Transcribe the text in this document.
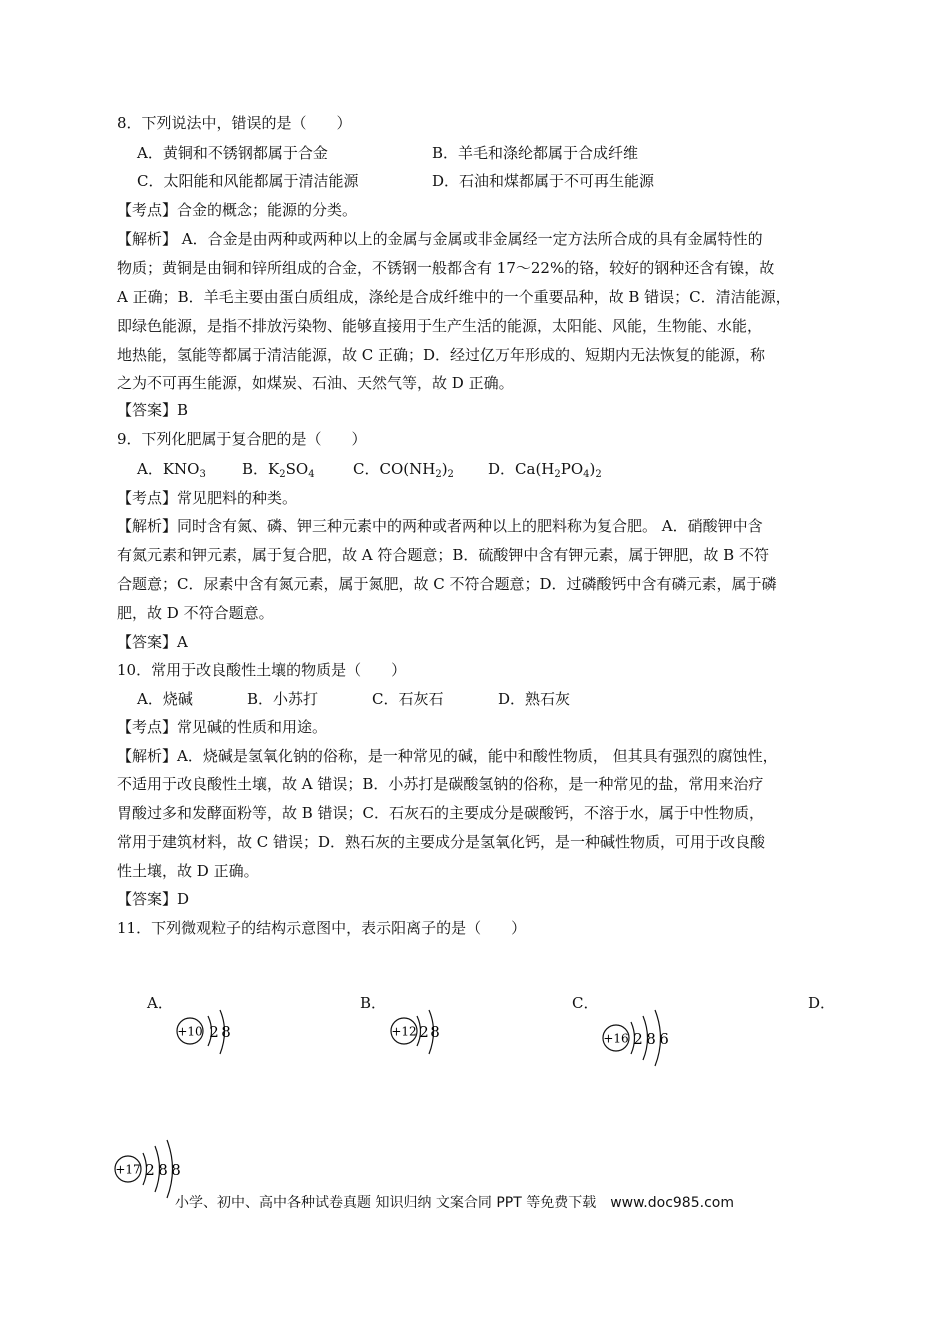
8．下列说法中，错误的是（　　）
A．黄铜和不锈钢都属于合金	B．羊毛和涤纶都属于合成纤维
C．太阳能和风能都属于清洁能源	D．石油和煤都属于不可再生能源
【考点】合金的概念；能源的分类。
【解析】 A．合金是由两种或两种以上的金属与金属或非金属经一定方法所合成的具有金属特性的
物质；黄铜是由铜和锌所组成的合金，不锈钢一般都含有 17～22%的铬，较好的钢种还含有镍，故
A 正确；B．羊毛主要由蛋白质组成，涤纶是合成纤维中的一个重要品种，故 B 错误；C．清洁能源，
即绿色能源，是指不排放污染物、能够直接用于生产生活的能源，太阳能、风能，生物能、水能，
地热能，氢能等都属于清洁能源，故 C 正确；D．经过亿万年形成的、短期内无法恢复的能源，称
之为不可再生能源，如煤炭、石油、天然气等，故 D 正确。
【答案】B
9．下列化肥属于复合肥的是（　　）
A．$KNO_3$ B．$K_2SO_4$	C．$CO(NH_2)_2$ D．$Ca(H_2PO_4)_2$
【考点】常见肥料的种类。
【解析】同时含有氮、磷、钾三种元素中的两种或者两种以上的肥料称为复合肥。 A．硝酸钾中含
有氮元素和钾元素，属于复合肥，故 A 符合题意；B．硫酸钾中含有钾元素，属于钾肥，故 B 不符
合题意；C．尿素中含有氮元素，属于氮肥，故 C 不符合题意；D．过磷酸钙中含有磷元素，属于磷
肥，故 D 不符合题意。
【答案】A
10．常用于改良酸性土壤的物质是（　　）
A．烧碱	B．小苏打	C．石灰石	D．熟石灰
【考点】常见碱的性质和用途。
【解析】A．烧碱是氢氧化钠的俗称，是一种常见的碱，能中和酸性物质， 但其具有强烈的腐蚀性，
不适用于改良酸性土壤，故 A 错误；B．小苏打是碳酸氢钠的俗称，是一种常见的盐，常用来治疗
胃酸过多和发酵面粉等，故 B 错误；C．石灰石的主要成分是碳酸钙，不溶于水，属于中性物质，
常用于建筑材料，故 C 错误；D．熟石灰的主要成分是氢氧化钙，是一种碱性物质，可用于改良酸
性土壤，故 D 正确。
【答案】D
11．下列微观粒子的结构示意图中，表示阳离子的是（　　）
A．	B．	C．	D．
+10 2 8	+12 2 8	+16 2 8 6
+17 2 8 8
小学、初中、高中各种试卷真题 知识归纳 文案合同 PPT 等免费下载　www.doc985.com
